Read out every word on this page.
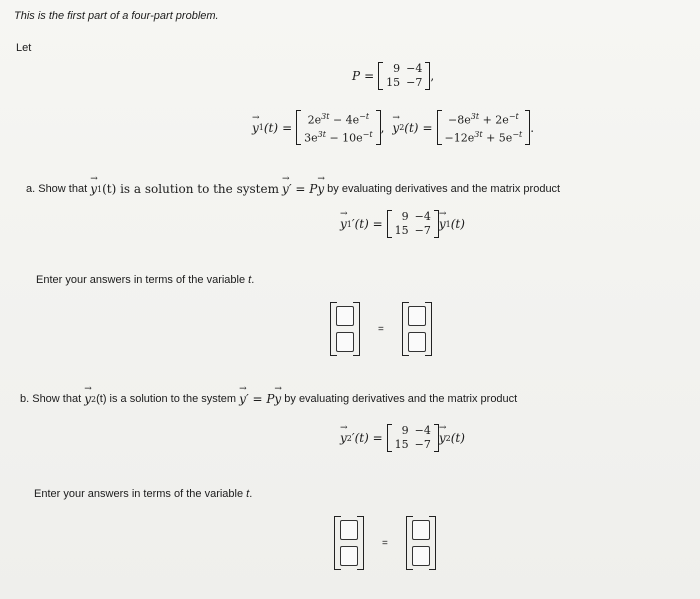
This is the first part of a four-part problem.
Let
P =
9	−4
15	−7 ,
→
y 1 (t) =
$2e^{3t} - 4e^{-t}$
$3e^{3t} - 10e^{-t}$ ,
→
y 2 (t) =
$-8e^{3t} + 2e^{-t}$
$-12e^{3t} + 5e^{-t}$ .
a. Show that

→
y 1 (t) is a solution to the system

→
y ′ = P
→
y
by evaluating derivatives and the matrix product
→
y 1 ′(t) =
9	−4
15	−7
→
y 1 (t)
Enter your answers in terms of the variable t.
=
b. Show that

→
y 2 (t) is a solution to the system

→
y ′ = P
→
y
by evaluating derivatives and the matrix product
→
y 2 ′(t) =
9	−4
15	−7
→
y 2 (t)
Enter your answers in terms of the variable t.
=
